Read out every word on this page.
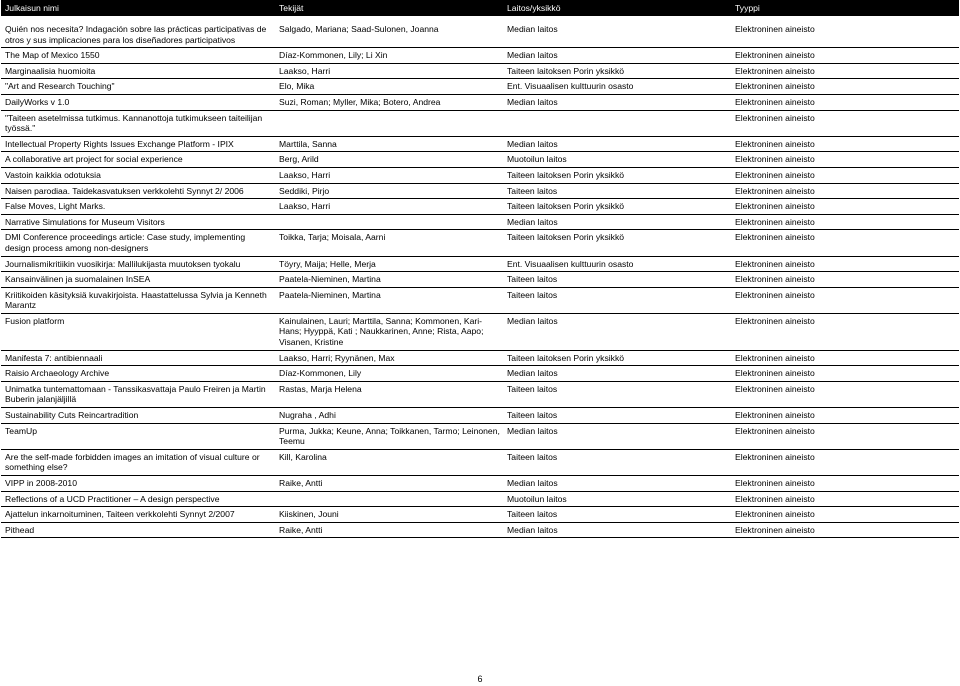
Julkaisun nimi	Tekijät	Laitos/yksikkö	Tyyppi

Quién nos necesita? Indagación sobre las prácticas participativas de otros y sus implicaciones para los diseñadores participativos	Salgado, Mariana; Saad-Sulonen, Joanna	Median laitos	Elektroninen aineisto
The Map of Mexico 1550	Díaz-Kommonen, Lily; Li Xin	Median laitos	Elektroninen aineisto
Marginaalisia huomioita	Laakso, Harri	Taiteen laitoksen Porin yksikkö	Elektroninen aineisto
"Art and Research Touching"	Elo, Mika	Ent. Visuaalisen kulttuurin osasto	Elektroninen aineisto
DailyWorks v 1.0	Suzi, Roman; Myller, Mika; Botero, Andrea	Median laitos	Elektroninen aineisto
"Taiteen asetelmissa tutkimus. Kannanottoja tutkimukseen taiteilijan työssä."			Elektroninen aineisto
Intellectual Property Rights Issues Exchange Platform - IPIX	Marttila, Sanna	Median laitos	Elektroninen aineisto
A collaborative art project for social experience	Berg, Arild	Muotoilun laitos	Elektroninen aineisto
Vastoin kaikkia odotuksia	Laakso, Harri	Taiteen laitoksen Porin yksikkö	Elektroninen aineisto
Naisen parodiaa. Taidekasvatuksen verkkolehti Synnyt 2/ 2006	Seddiki, Pirjo	Taiteen laitos	Elektroninen aineisto
False Moves, Light Marks.	Laakso, Harri	Taiteen laitoksen Porin yksikkö	Elektroninen aineisto
Narrative Simulations for Museum Visitors		Median laitos	Elektroninen aineisto
DMI Conference proceedings article: Case study, implementing design process among non-designers	Toikka, Tarja; Moisala, Aarni	Taiteen laitoksen Porin yksikkö	Elektroninen aineisto
Journalismikritiikin vuosikirja: Mallilukijasta muutoksen tyokalu	Töyry, Maija; Helle, Merja	Ent. Visuaalisen kulttuurin osasto	Elektroninen aineisto
Kansainvälinen ja suomalainen InSEA	Paatela-Nieminen, Martina	Taiteen laitos	Elektroninen aineisto
Kriitikoiden käsityksiä kuvakirjoista. Haastattelussa Sylvia ja Kenneth Marantz	Paatela-Nieminen, Martina	Taiteen laitos	Elektroninen aineisto
Fusion platform	Kainulainen, Lauri; Marttila, Sanna; Kommonen, Kari-Hans; Hyyppä, Kati ; Naukkarinen, Anne; Rista, Aapo; Visanen, Kristine	Median laitos	Elektroninen aineisto
Manifesta 7: antibiennaali	Laakso, Harri; Ryynänen, Max	Taiteen laitoksen Porin yksikkö	Elektroninen aineisto
Raisio Archaeology Archive	Díaz-Kommonen, Lily	Median laitos	Elektroninen aineisto
Unimatka tuntemattomaan - Tanssikasvattaja Paulo Freiren ja Martin Buberin jalanjäljillä	Rastas, Marja Helena	Taiteen laitos	Elektroninen aineisto
Sustainability Cuts Reincartradition	Nugraha , Adhi	Taiteen laitos	Elektroninen aineisto
TeamUp	Purma, Jukka; Keune, Anna; Toikkanen, Tarmo; Leinonen, Teemu	Median laitos	Elektroninen aineisto
Are the self-made forbidden images an imitation of visual culture or something else?	Kill, Karolina	Taiteen laitos	Elektroninen aineisto
VIPP in 2008-2010	Raike, Antti	Median laitos	Elektroninen aineisto
Reflections of a UCD Practitioner – A design perspective		Muotoilun laitos	Elektroninen aineisto
Ajattelun inkarnoituminen, Taiteen verkkolehti Synnyt 2/2007	Kiiskinen, Jouni	Taiteen laitos	Elektroninen aineisto
Pithead	Raike, Antti	Median laitos	Elektroninen aineisto
6
